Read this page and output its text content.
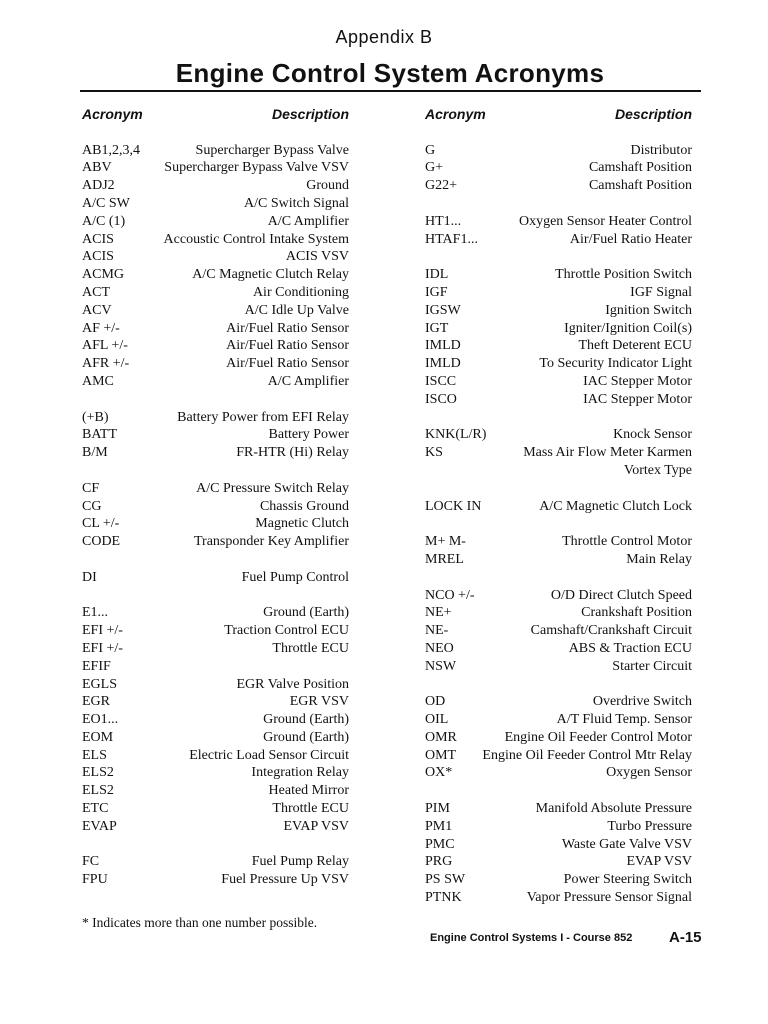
Appendix B
Engine Control System Acronyms
Acronym	Description
AB1,2,3,4	Supercharger Bypass Valve
ABV	Supercharger Bypass Valve VSV
ADJ2	Ground
A/C SW	A/C Switch Signal
A/C (1)	A/C Amplifier
ACIS	Accoustic Control Intake System
ACIS	ACIS VSV
ACMG	A/C Magnetic Clutch Relay
ACT	Air Conditioning
ACV	A/C Idle Up Valve
AF +/-	Air/Fuel Ratio Sensor
AFL +/-	Air/Fuel Ratio Sensor
AFR +/-	Air/Fuel Ratio Sensor
AMC	A/C Amplifier
(+B)	Battery Power from EFI Relay
BATT	Battery Power
B/M	FR-HTR (Hi) Relay
CF	A/C Pressure Switch Relay
CG	Chassis Ground
CL +/-	Magnetic Clutch
CODE	Transponder Key Amplifier
DI	Fuel Pump Control
E1...	Ground (Earth)
EFI +/-	Traction Control ECU
EFI +/-	Throttle ECU
EFIF
EGLS	EGR Valve Position
EGR	EGR VSV
EO1...	Ground (Earth)
EOM	Ground (Earth)
ELS	Electric Load Sensor Circuit
ELS2	Integration Relay
ELS2	Heated Mirror
ETC	Throttle ECU
EVAP	EVAP VSV
FC	Fuel Pump Relay
FPU	Fuel Pressure Up VSV
Acronym	Description
G	Distributor
G+	Camshaft Position
G22+	Camshaft Position
HT1...	Oxygen Sensor Heater Control
HTAF1...	Air/Fuel Ratio Heater
IDL	Throttle Position Switch
IGF	IGF Signal
IGSW	Ignition Switch
IGT	Igniter/Ignition Coil(s)
IMLD	Theft Deterent ECU
IMLD	To Security Indicator Light
ISCC	IAC Stepper Motor
ISCO	IAC Stepper Motor
KNK(L/R)	Knock Sensor
KS	Mass Air Flow Meter Karmen
Vortex Type
LOCK IN	A/C Magnetic Clutch Lock
M+ M-	Throttle Control Motor
MREL	Main Relay
NCO +/-	O/D Direct Clutch Speed
NE+	Crankshaft Position
NE-	Camshaft/Crankshaft Circuit
NEO	ABS & Traction ECU
NSW	Starter Circuit
OD	Overdrive Switch
OIL	A/T Fluid Temp. Sensor
OMR	Engine Oil Feeder Control Motor
OMT	Engine Oil Feeder Control Mtr Relay
OX*	Oxygen Sensor
PIM	Manifold Absolute Pressure
PM1	Turbo Pressure
PMC	Waste Gate Valve VSV
PRG	EVAP VSV
PS SW	Power Steering Switch
PTNK	Vapor Pressure Sensor Signal
* Indicates more than one number possible.
Engine Control Systems I - Course 852 A-15
